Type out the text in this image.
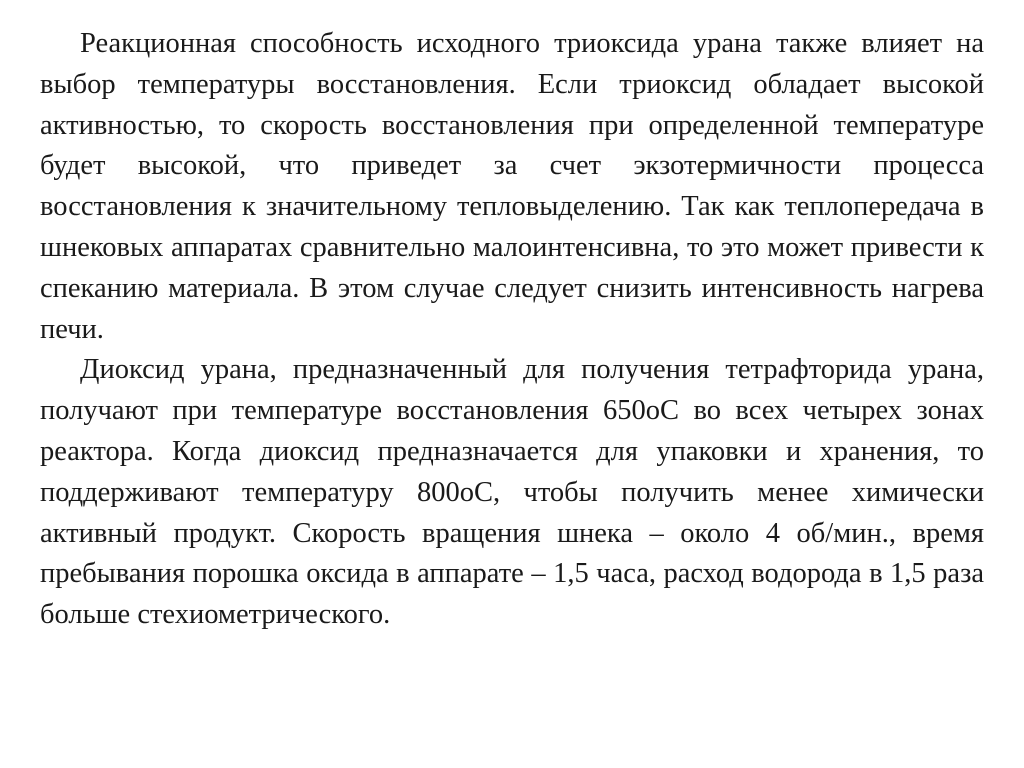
Реакционная способность исходного триоксида урана также влияет на выбор температуры восстановления. Если триоксид обладает высокой активностью, то скорость восстановления при определенной температуре будет высокой, что приведет за счет экзотермичности процесса восстановления к значительному тепловыделению. Так как теплопередача в шнековых аппаратах сравнительно малоинтенсивна, то это может привести к спеканию материала. В этом случае следует снизить интенсивность нагрева печи.

Диоксид урана, предназначенный для получения тетрафторида урана, получают при температуре восстановления 650oC во всех четырех зонах реактора. Когда диоксид предназначается для упаковки и хранения, то поддерживают температуру 800oC, чтобы получить менее химически активный продукт. Скорость вращения шнека – около 4 об/мин., время пребывания порошка оксида в аппарате – 1,5 часа, расход водорода в 1,5 раза больше стехиометрического.
